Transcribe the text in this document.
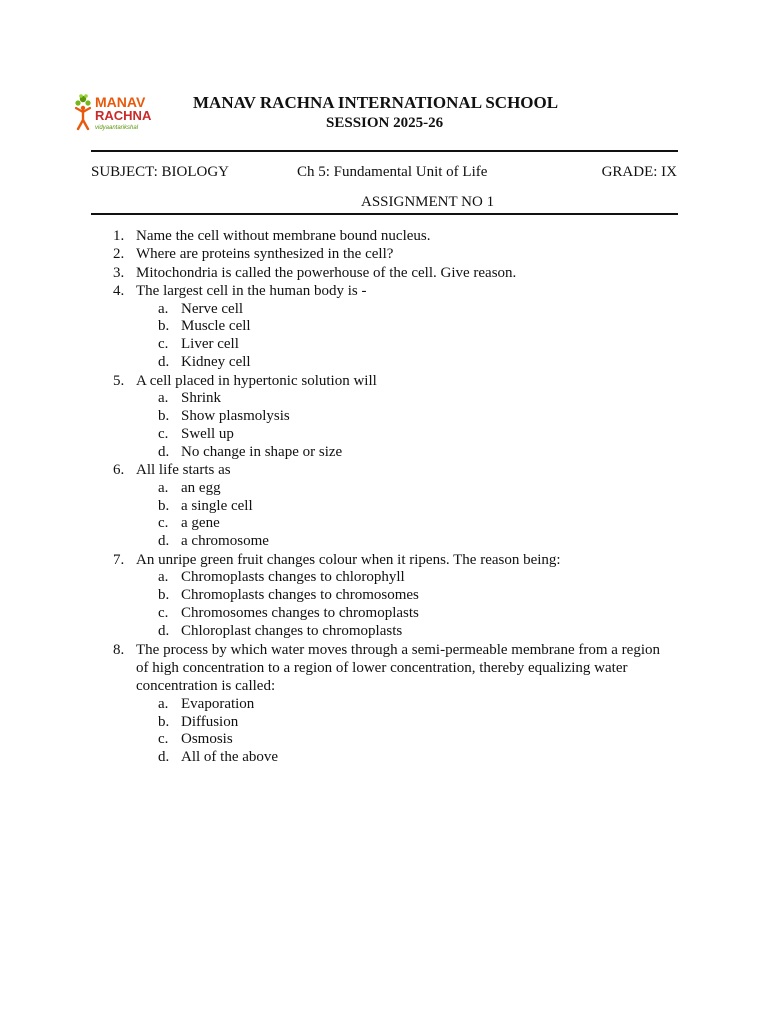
MANAV
RACHNA
vidyaantarikshal
MANAV RACHNA INTERNATIONAL SCHOOL
SESSION 2025-26
SUBJECT: BIOLOGY	Ch 5: Fundamental Unit of Life	GRADE: IX
ASSIGNMENT NO 1
1. Name the cell without membrane bound nucleus.
2. Where are proteins synthesized in the cell?
3. Mitochondria is called the powerhouse of the cell. Give reason.
4. The largest cell in the human body is -
a. Nerve cell
b. Muscle cell
c. Liver cell
d. Kidney cell
5. A cell placed in hypertonic solution will
a. Shrink
b. Show plasmolysis
c. Swell up
d. No change in shape or size
6. All life starts as
a. an egg
b. a single cell
c. a gene
d. a chromosome
7. An unripe green fruit changes colour when it ripens. The reason being:
a. Chromoplasts changes to chlorophyll
b. Chromoplasts changes to chromosomes
c. Chromosomes changes to chromoplasts
d. Chloroplast changes to chromoplasts
8. The process by which water moves through a semi-permeable membrane from a region of high concentration to a region of lower concentration, thereby equalizing water concentration is called:
a. Evaporation
b. Diffusion
c. Osmosis
d. All of the above
